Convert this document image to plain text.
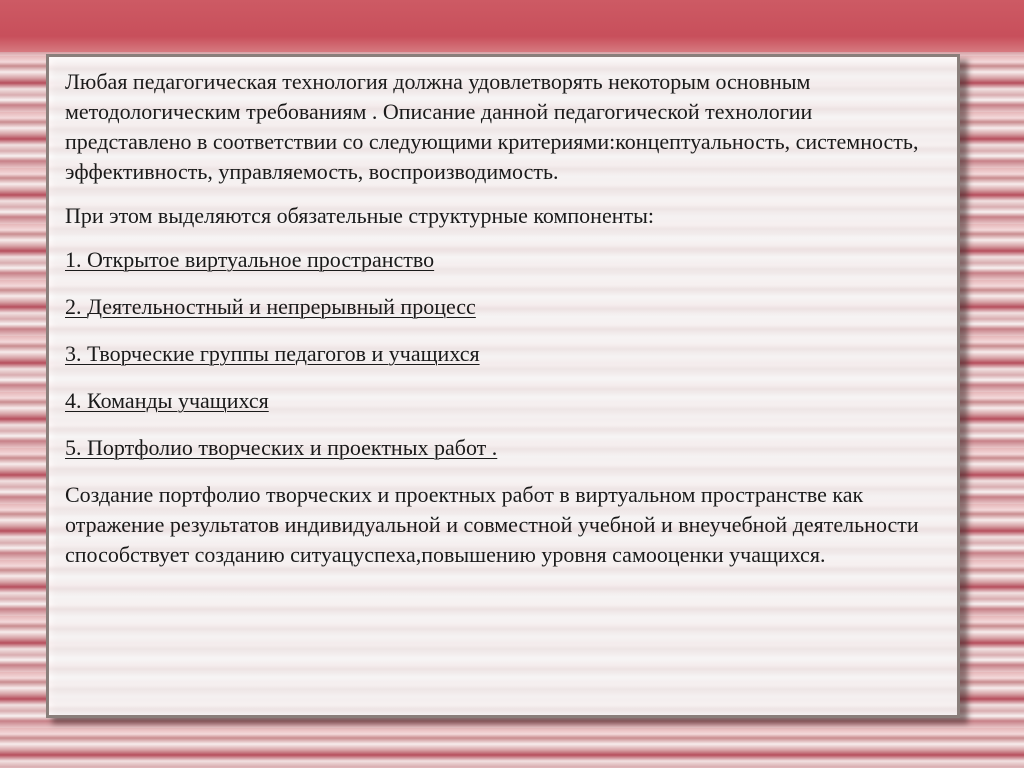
Любая педагогическая технология должна удовлетворять некоторым основным методологическим требованиям . Описание данной педагогической технологии представлено в соответствии со следующими критериями:концептуальность, системность, эффективность, управляемость, воспроизводимость.

При этом выделяются обязательные структурные компоненты:

1. Открытое виртуальное пространство
2. Деятельностный и непрерывный процесс
3. Творческие группы педагогов и учащихся
4. Команды учащихся
5. Портфолио творческих и проектных работ .

Создание портфолио творческих и проектных работ в виртуальном пространстве как отражение результатов индивидуальной и совместной учебной и внеучебной деятельности способствует созданию ситуацуспеха,повышению уровня самооценки учащихся.
